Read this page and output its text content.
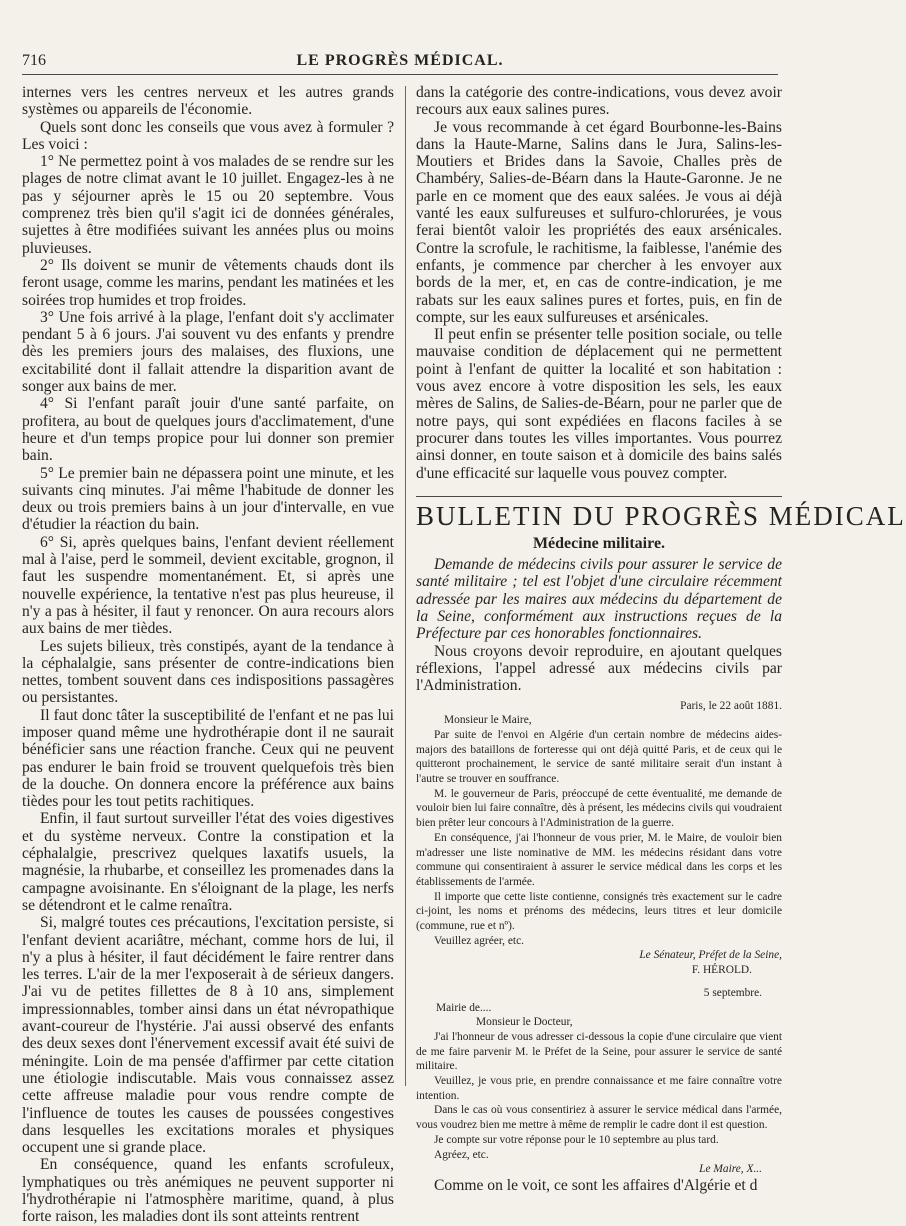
716	LE PROGRÈS MÉDICAL.

internes vers les centres nerveux et les autres grands systèmes ou appareils de l'économie.

Quels sont donc les conseils que vous avez à formuler ? Les voici :

1° Ne permettez point à vos malades de se rendre sur les plages de notre climat avant le 10 juillet. Engagez-les à ne pas y séjourner après le 15 ou 20 septembre. Vous comprenez très bien qu'il s'agit ici de données générales, sujettes à être modifiées suivant les années plus ou moins pluvieuses.

2° Ils doivent se munir de vêtements chauds dont ils feront usage, comme les marins, pendant les matinées et les soirées trop humides et trop froides.

3° Une fois arrivé à la plage, l'enfant doit s'y acclimater pendant 5 à 6 jours. J'ai souvent vu des enfants y prendre dès les premiers jours des malaises, des fluxions, une excitabilité dont il fallait attendre la disparition avant de songer aux bains de mer.

4° Si l'enfant paraît jouir d'une santé parfaite, on profitera, au bout de quelques jours d'acclimatement, d'une heure et d'un temps propice pour lui donner son premier bain.

5° Le premier bain ne dépassera point une minute, et les suivants cinq minutes. J'ai même l'habitude de donner les deux ou trois premiers bains à un jour d'intervalle, en vue d'étudier la réaction du bain.

6° Si, après quelques bains, l'enfant devient réellement mal à l'aise, perd le sommeil, devient excitable, grognon, il faut les suspendre momentanément. Et, si après une nouvelle expérience, la tentative n'est pas plus heureuse, il n'y a pas à hésiter, il faut y renoncer. On aura recours alors aux bains de mer tièdes.

Les sujets bilieux, très constipés, ayant de la tendance à la céphalalgie, sans présenter de contre-indications bien nettes, tombent souvent dans ces indispositions passagères ou persistantes.

Il faut donc tâter la susceptibilité de l'enfant et ne pas lui imposer quand même une hydrothérapie dont il ne saurait bénéficier sans une réaction franche. Ceux qui ne peuvent pas endurer le bain froid se trouvent quelquefois très bien de la douche. On donnera encore la préférence aux bains tièdes pour les tout petits rachitiques.

Enfin, il faut surtout surveiller l'état des voies digestives et du système nerveux. Contre la constipation et la céphalalgie, prescrivez quelques laxatifs usuels, la magnésie, la rhubarbe, et conseillez les promenades dans la campagne avoisinante. En s'éloignant de la plage, les nerfs se détendront et le calme renaîtra.

Si, malgré toutes ces précautions, l'excitation persiste, si l'enfant devient acariâtre, méchant, comme hors de lui, il n'y a plus à hésiter, il faut décidément le faire rentrer dans les terres. L'air de la mer l'exposerait à de sérieux dangers. J'ai vu de petites fillettes de 8 à 10 ans, simplement impressionnables, tomber ainsi dans un état névropathique avant-coureur de l'hystérie. J'ai aussi observé des enfants des deux sexes dont l'énervement excessif avait été suivi de méningite. Loin de ma pensée d'affirmer par cette citation une étiologie indiscutable. Mais vous connaissez assez cette affreuse maladie pour vous rendre compte de l'influence de toutes les causes de poussées congestives dans lesquelles les excitations morales et physiques occupent une si grande place.

En conséquence, quand les enfants scrofuleux, lymphatiques ou très anémiques ne peuvent supporter ni l'hydrothérapie ni l'atmosphère maritime, quand, à plus forte raison, les maladies dont ils sont atteints rentrent

dans la catégorie des contre-indications, vous devez avoir recours aux eaux salines pures.

Je vous recommande à cet égard Bourbonne-les-Bains dans la Haute-Marne, Salins dans le Jura, Salins-les-Moutiers et Brides dans la Savoie, Challes près de Chambéry, Salies-de-Béarn dans la Haute-Garonne. Je ne parle en ce moment que des eaux salées. Je vous ai déjà vanté les eaux sulfureuses et sulfuro-chlorurées, je vous ferai bientôt valoir les propriétés des eaux arsénicales. Contre la scrofule, le rachitisme, la faiblesse, l'anémie des enfants, je commence par chercher à les envoyer aux bords de la mer, et, en cas de contre-indication, je me rabats sur les eaux salines pures et fortes, puis, en fin de compte, sur les eaux sulfureuses et arsénicales.

Il peut enfin se présenter telle position sociale, ou telle mauvaise condition de déplacement qui ne permettent point à l'enfant de quitter la localité et son habitation : vous avez encore à votre disposition les sels, les eaux mères de Salins, de Salies-de-Béarn, pour ne parler que de notre pays, qui sont expédiées en flacons faciles à se procurer dans toutes les villes importantes. Vous pourrez ainsi donner, en toute saison et à domicile des bains salés d'une efficacité sur laquelle vous pouvez compter.

BULLETIN DU PROGRÈS MÉDICAL
Médecine militaire.

Demande de médecins civils pour assurer le service de santé militaire ; tel est l'objet d'une circulaire récemment adressée par les maires aux médecins du département de la Seine, conformément aux instructions reçues de la Préfecture par ces honorables fonctionnaires.

Nous croyons devoir reproduire, en ajoutant quelques réflexions, l'appel adressé aux médecins civils par l'Administration.

Paris, le 22 août 1881.
Monsieur le Maire,

Par suite de l'envoi en Algérie d'un certain nombre de médecins aides-majors des bataillons de forteresse qui ont déjà quitté Paris, et de ceux qui le quitteront prochainement, le service de santé militaire serait d'un instant à l'autre se trouver en souffrance.

M. le gouverneur de Paris, préoccupé de cette éventualité, me demande de vouloir bien lui faire connaître, dès à présent, les médecins civils qui voudraient bien prêter leur concours à l'Administration de la guerre.

En conséquence, j'ai l'honneur de vous prier, M. le Maire, de vouloir bien m'adresser une liste nominative de MM. les médecins résidant dans votre commune qui consentiraient à assurer le service médical dans les corps et les établissements de l'armée.

Il importe que cette liste contienne, consignés très exactement sur le cadre ci-joint, les noms et prénoms des médecins, leurs titres et leur domicile (commune, rue et nº).

Veuillez agréer, etc.

Le Sénateur, Préfet de la Seine,
F. HÉROLD.
5 septembre.
Mairie de....
Monsieur le Docteur,

J'ai l'honneur de vous adresser ci-dessous la copie d'une circulaire que vient de me faire parvenir M. le Préfet de la Seine, pour assurer le service de santé militaire.

Veuillez, je vous prie, en prendre connaissance et me faire connaître votre intention.

Dans le cas où vous consentiriez à assurer le service médical dans l'armée, vous voudrez bien me mettre à même de remplir le cadre dont il est question.

Je compte sur votre réponse pour le 10 septembre au plus tard.

Agréez, etc.

Le Maire, X...

Comme on le voit, ce sont les affaires d'Algérie et d
